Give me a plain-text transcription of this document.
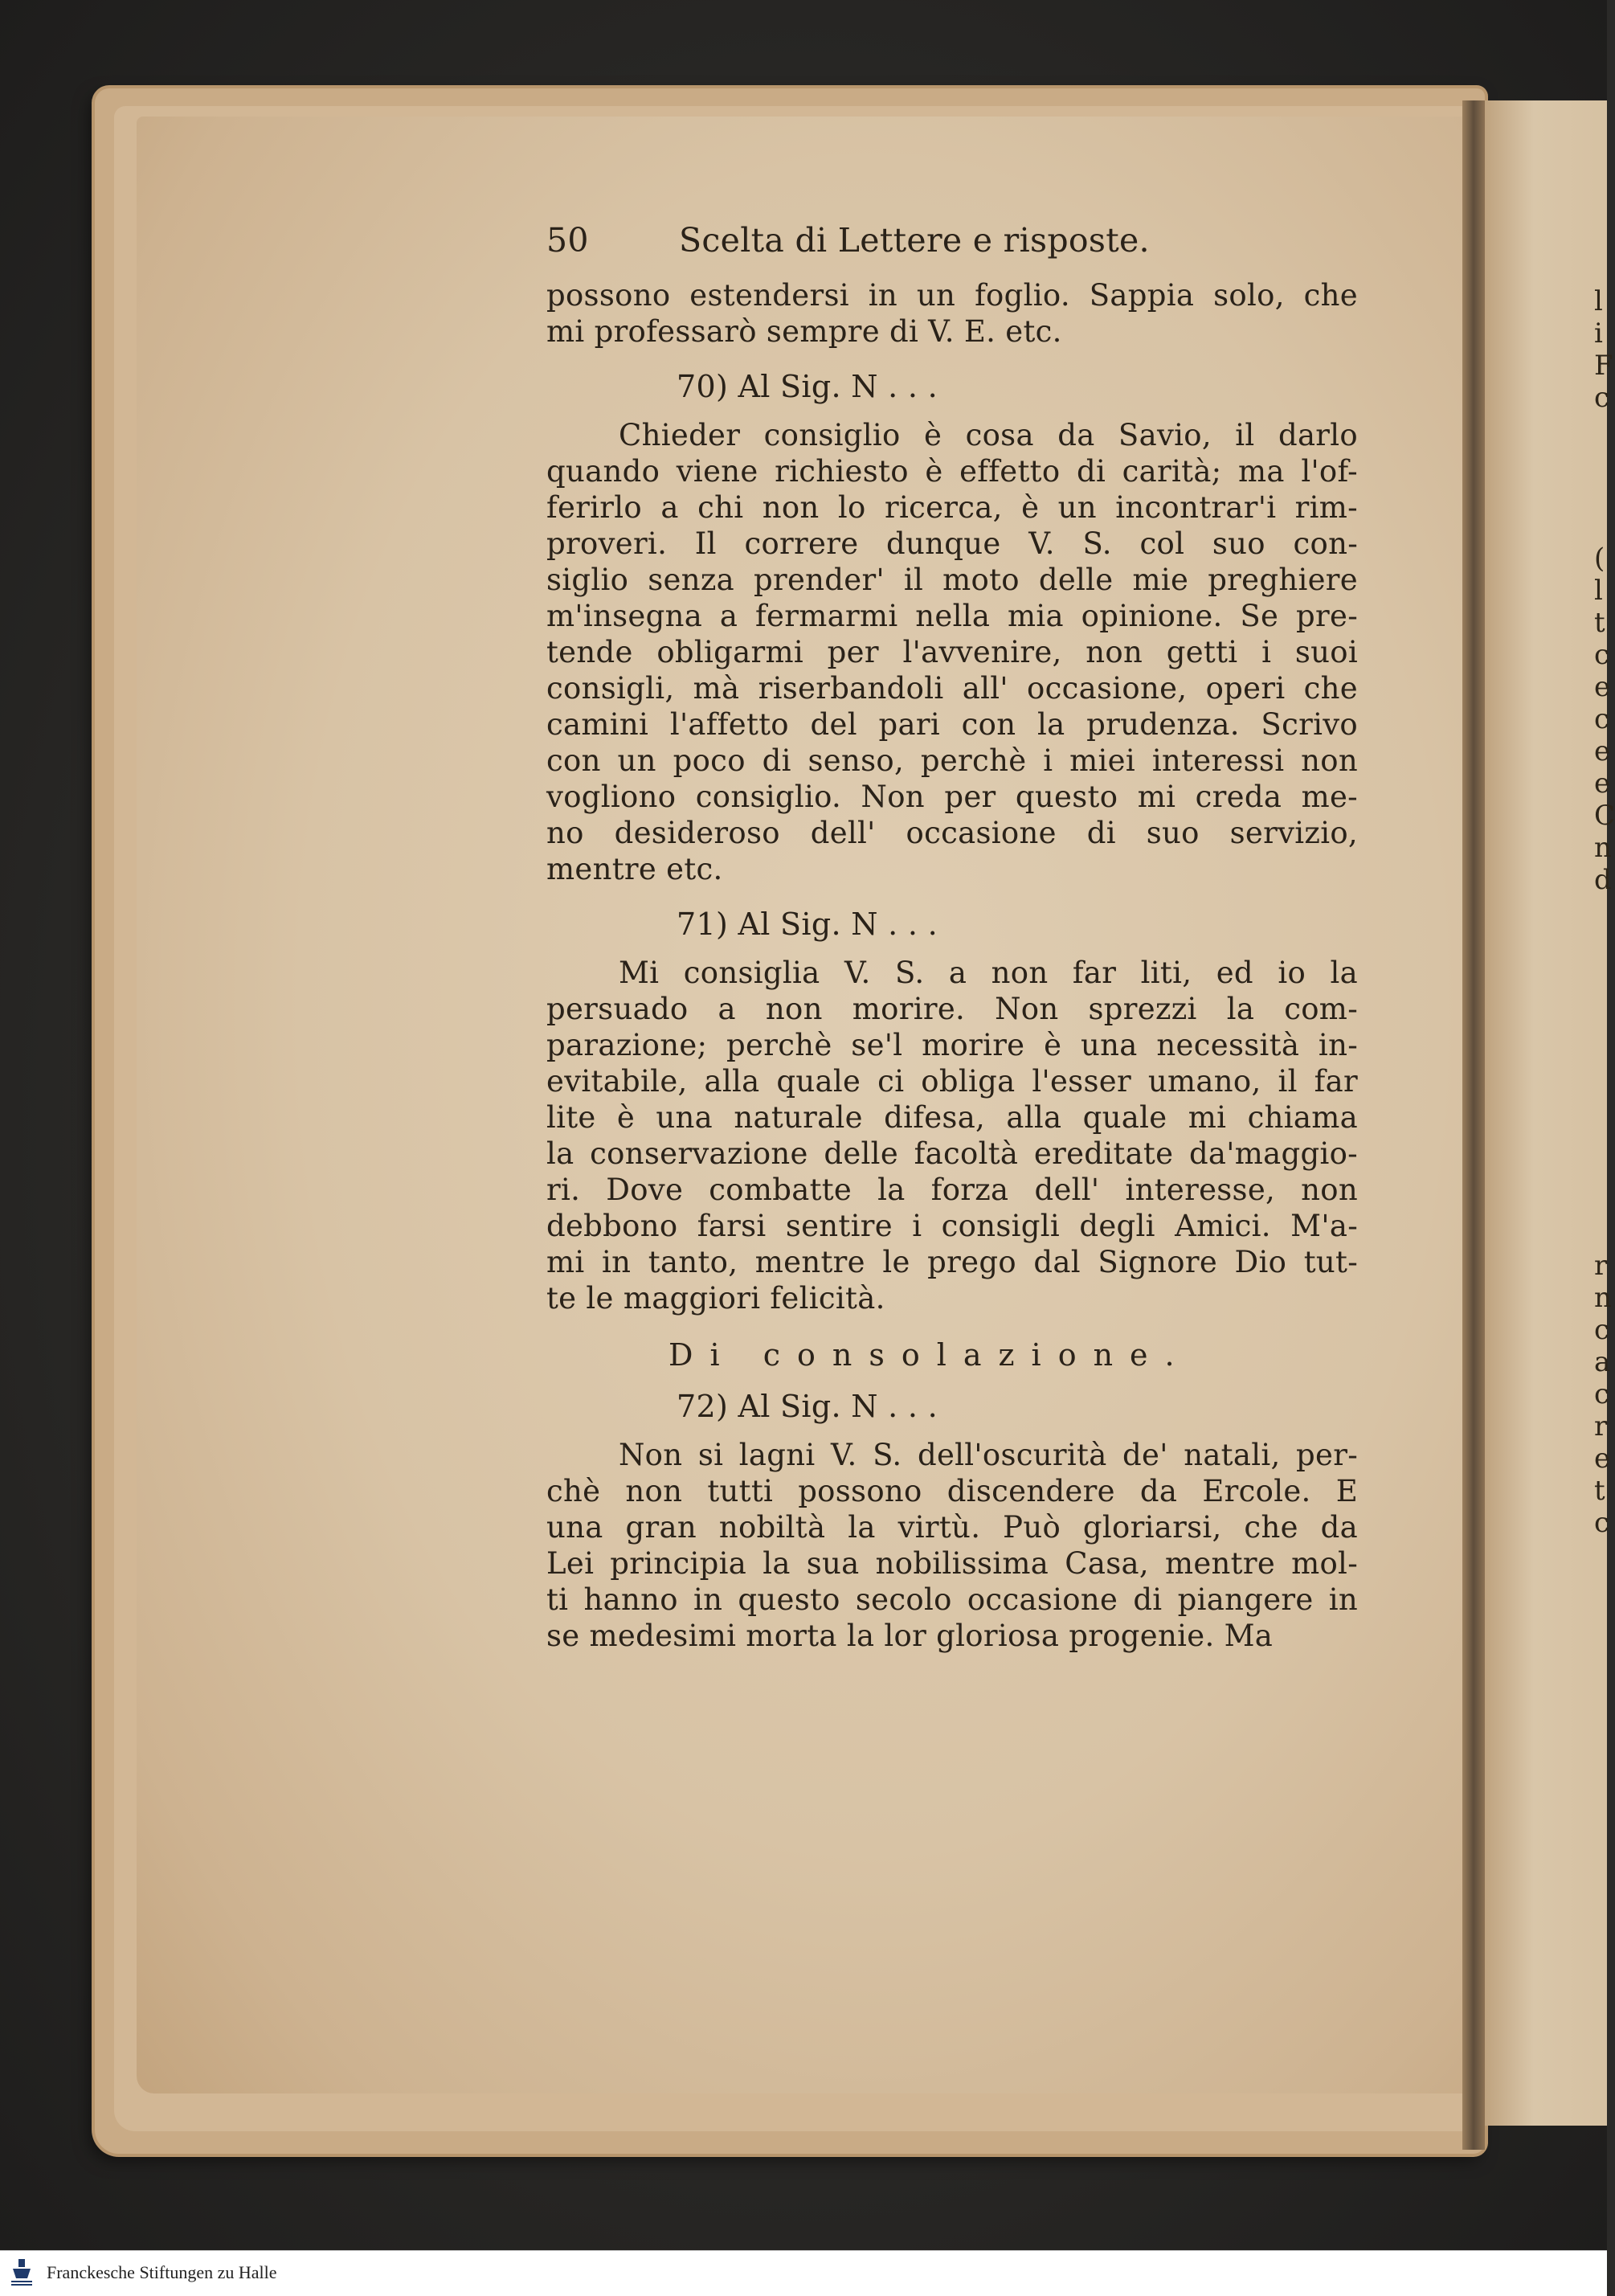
l
i
F
c

(
l
t
c
e
c
e
e
C
n
d

r
n
c
a
c
r
e
t
c
50	Scelta di Lettere e risposte.
possono estendersi in un foglio. Sappia solo, che
mi professarò sempre di V. E. etc.
70) Al Sig. N . . .
Chieder consiglio è cosa da Savio, il darlo
quando viene richiesto è effetto di carità; ma l'of-
ferirlo a chi non lo ricerca, è un incontrar'i rim-
proveri. Il correre dunque V. S. col suo con-
siglio senza prender' il moto delle mie preghiere
m'insegna a fermarmi nella mia opinione. Se pre-
tende obligarmi per l'avvenire, non getti i suoi
consigli, mà riserbandoli all' occasione, operi che
camini l'affetto del pari con la prudenza. Scrivo
con un poco di senso, perchè i miei interessi non
vogliono consiglio. Non per questo mi creda me-
no desideroso dell' occasione di suo servizio,
mentre etc.
71) Al Sig. N . . .
Mi consiglia V. S. a non far liti, ed io la
persuado a non morire. Non sprezzi la com-
parazione; perchè se'l morire è una necessità in-
evitabile, alla quale ci obliga l'esser umano, il far
lite è una naturale difesa, alla quale mi chiama
la conservazione delle facoltà ereditate da'maggio-
ri. Dove combatte la forza dell' interesse, non
debbono farsi sentire i consigli degli Amici. M'a-
mi in tanto, mentre le prego dal Signore Dio tut-
te le maggiori felicità.
Di consolazione.
72) Al Sig. N . . .
Non si lagni V. S. dell'oscurità de' natali, per-
chè non tutti possono discendere da Ercole. E
una gran nobiltà la virtù. Può gloriarsi, che da
Lei principia la sua nobilissima Casa, mentre mol-
ti hanno in questo secolo occasione di piangere in
se medesimi morta la lor gloriosa progenie. Ma
Franckesche Stiftungen zu Halle
